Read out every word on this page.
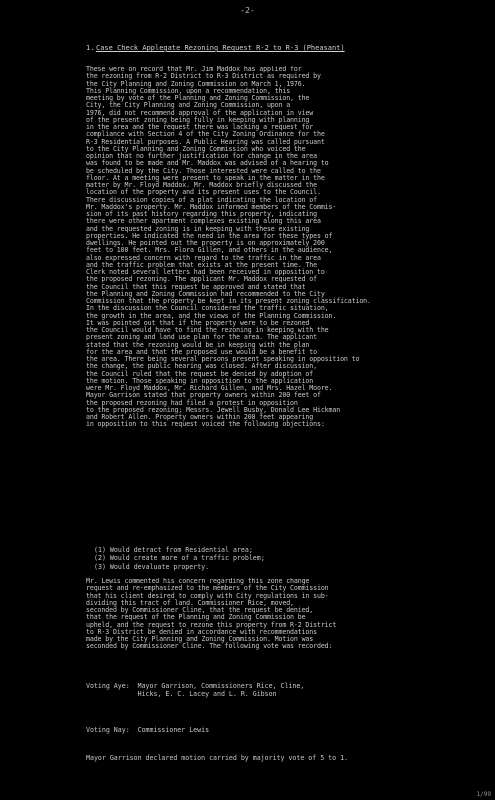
-2-
1. Case Check Applegate Rezoning Request R-2 to R-3 (Pheasant)
These were on record that Mr. Jim Maddox has applied for
the rezoning from R-2 District to R-3 District as required by
the City Planning and Zoning Commission on March 1, 1976.
This Planning Commission, upon a recommendation, this
meeting by vote of the Planning and Zoning Commission, the
City, the City Planning and Zoning Commission, upon a
1976, did not recommend approval of the application in view
of the present zoning being fully in keeping with planning
in the area and the request there was lacking a request for
compliance with Section 4 of the City Zoning Ordinance for the
R-3 Residential purposes. A Public Hearing was called pursuant
to the City Planning and Zoning Commission who voiced the
opinion that no further justification for change in the area
was found to be made and Mr. Maddox was advised of a hearing to
be scheduled by the City. Those interested were called to the
floor. At a meeting were present to speak in the matter in the
matter by Mr. Floyd Maddox. Mr. Maddox briefly discussed the
location of the property and its present uses to the Council.
There discussion copies of a plat indicating the location of
Mr. Maddox's property. Mr. Maddox informed members of the Commis-
sion of its past history regarding this property, indicating
there were other apartment complexes existing along this area
and the requested zoning is in keeping with these existing
properties. He indicated the need in the area for these types of
dwellings. He pointed out the property is on approximately 200
feet to 100 feet. Mrs. Flora Gillen, and others in the audience,
also expressed concern with regard to the traffic in the area
and the traffic problem that exists at the present time. The
Clerk noted several letters had been received in opposition to
the proposed rezoning. The applicant Mr. Maddox requested of
the Council that this request be approved and stated that
the Planning and Zoning Commission had recommended to the City
Commission that the property be kept in its present zoning classification.
In the discussion the Council considered the traffic situation,
the growth in the area, and the views of the Planning Commission.
It was pointed out that if the property were to be rezoned
the Council would have to find the rezoning in keeping with the
present zoning and land use plan for the area. The applicant
stated that the rezoning would be in keeping with the plan
for the area and that the proposed use would be a benefit to
the area. There being several persons present speaking in opposition to
the change, the public hearing was closed. After discussion,
the Council ruled that the request be denied by adoption of
the motion. Those speaking in opposition to the application
were Mr. Floyd Maddox, Mr. Richard Gillen, and Mrs. Hazel Moore.
Mayor Garrison stated that property owners within 200 feet of
the proposed rezoning had filed a protest in opposition
to the proposed rezoning; Messrs. Jewell Busby, Donald Lee Hickman
and Robert Allen. Property owners within 200 feet appearing
in opposition to this request voiced the following objections:
(1) Would detract from Residential area;
(2) Would create more of a traffic problem;
(3) Would devaluate property.
Mr. Lewis commented his concern regarding this zone change
request and re-emphasized to the members of the City Commission
that his client desired to comply with City regulations in sub-
dividing this tract of land. Commissioner Rice, moved,
seconded by Commissioner Cline, that the request be denied,
that the request of the Planning and Zoning Commission be
upheld, and the request to rezone this property from R-2 District
to R-3 District be denied in accordance with recommendations
made by the City Planning and Zoning Commission. Motion was
seconded by Commissioner Cline. The following vote was recorded:
Voting Aye:  Mayor Garrison, Commissioners Rice, Cline,
Hicks, E. C. Lacey and L. R. Gibson
Voting Nay:  Commissioner Lewis
Mayor Garrison declared motion carried by majority vote of 5 to 1.
1/99
